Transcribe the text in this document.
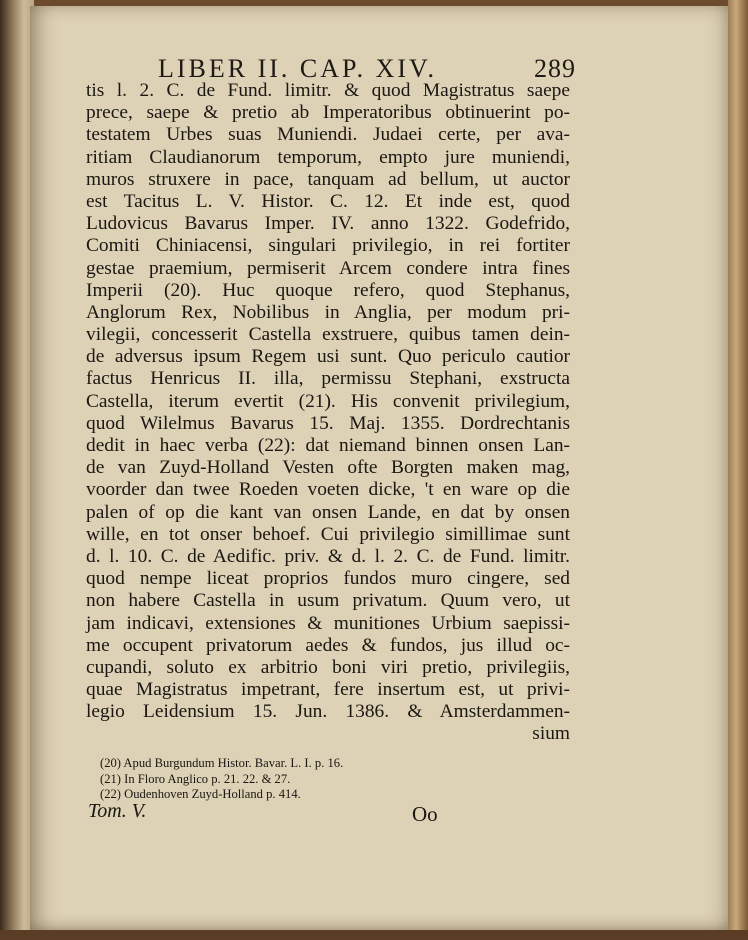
LIBER II. CAP. XIV.	289
tis l. 2. C. de Fund. limitr. & quod Magistratus saepe
prece, saepe & pretio ab Imperatoribus obtinuerint po-
testatem Urbes suas Muniendi. Judaei certe, per ava-
ritiam Claudianorum temporum, empto jure muniendi,
muros struxere in pace, tanquam ad bellum, ut auctor
est Tacitus L. V. Histor. C. 12. Et inde est, quod
Ludovicus Bavarus Imper. IV. anno 1322. Godefrido,
Comiti Chiniacensi, singulari privilegio, in rei fortiter
gestae praemium, permiserit Arcem condere intra fines
Imperii (20). Huc quoque refero, quod Stephanus,
Anglorum Rex, Nobilibus in Anglia, per modum pri-
vilegii, concesserit Castella exstruere, quibus tamen dein-
de adversus ipsum Regem usi sunt. Quo periculo cautior
factus Henricus II. illa, permissu Stephani, exstructa
Castella, iterum evertit (21). His convenit privilegium,
quod Wilelmus Bavarus 15. Maj. 1355. Dordrechtanis
dedit in haec verba (22): dat niemand binnen onsen Lan-
de van Zuyd-Holland Vesten ofte Borgten maken mag,
voorder dan twee Roeden voeten dicke, 't en ware op die
palen of op die kant van onsen Lande, en dat by onsen
wille, en tot onser behoef. Cui privilegio simillimae sunt
d. l. 10. C. de Aedific. priv. & d. l. 2. C. de Fund. limitr.
quod nempe liceat proprios fundos muro cingere, sed
non habere Castella in usum privatum. Quum vero, ut
jam indicavi, extensiones & munitiones Urbium saepissi-
me occupent privatorum aedes & fundos, jus illud oc-
cupandi, soluto ex arbitrio boni viri pretio, privilegiis,
quae Magistratus impetrant, fere insertum est, ut privi-
legio Leidensium 15. Jun. 1386. & Amsterdammen-
sium
(20) Apud Burgundum Histor. Bavar. L. I. p. 16.
(21) In Floro Anglico p. 21. 22. & 27.
(22) Oudenhoven Zuyd-Holland p. 414.
Tom. V.	Oo
